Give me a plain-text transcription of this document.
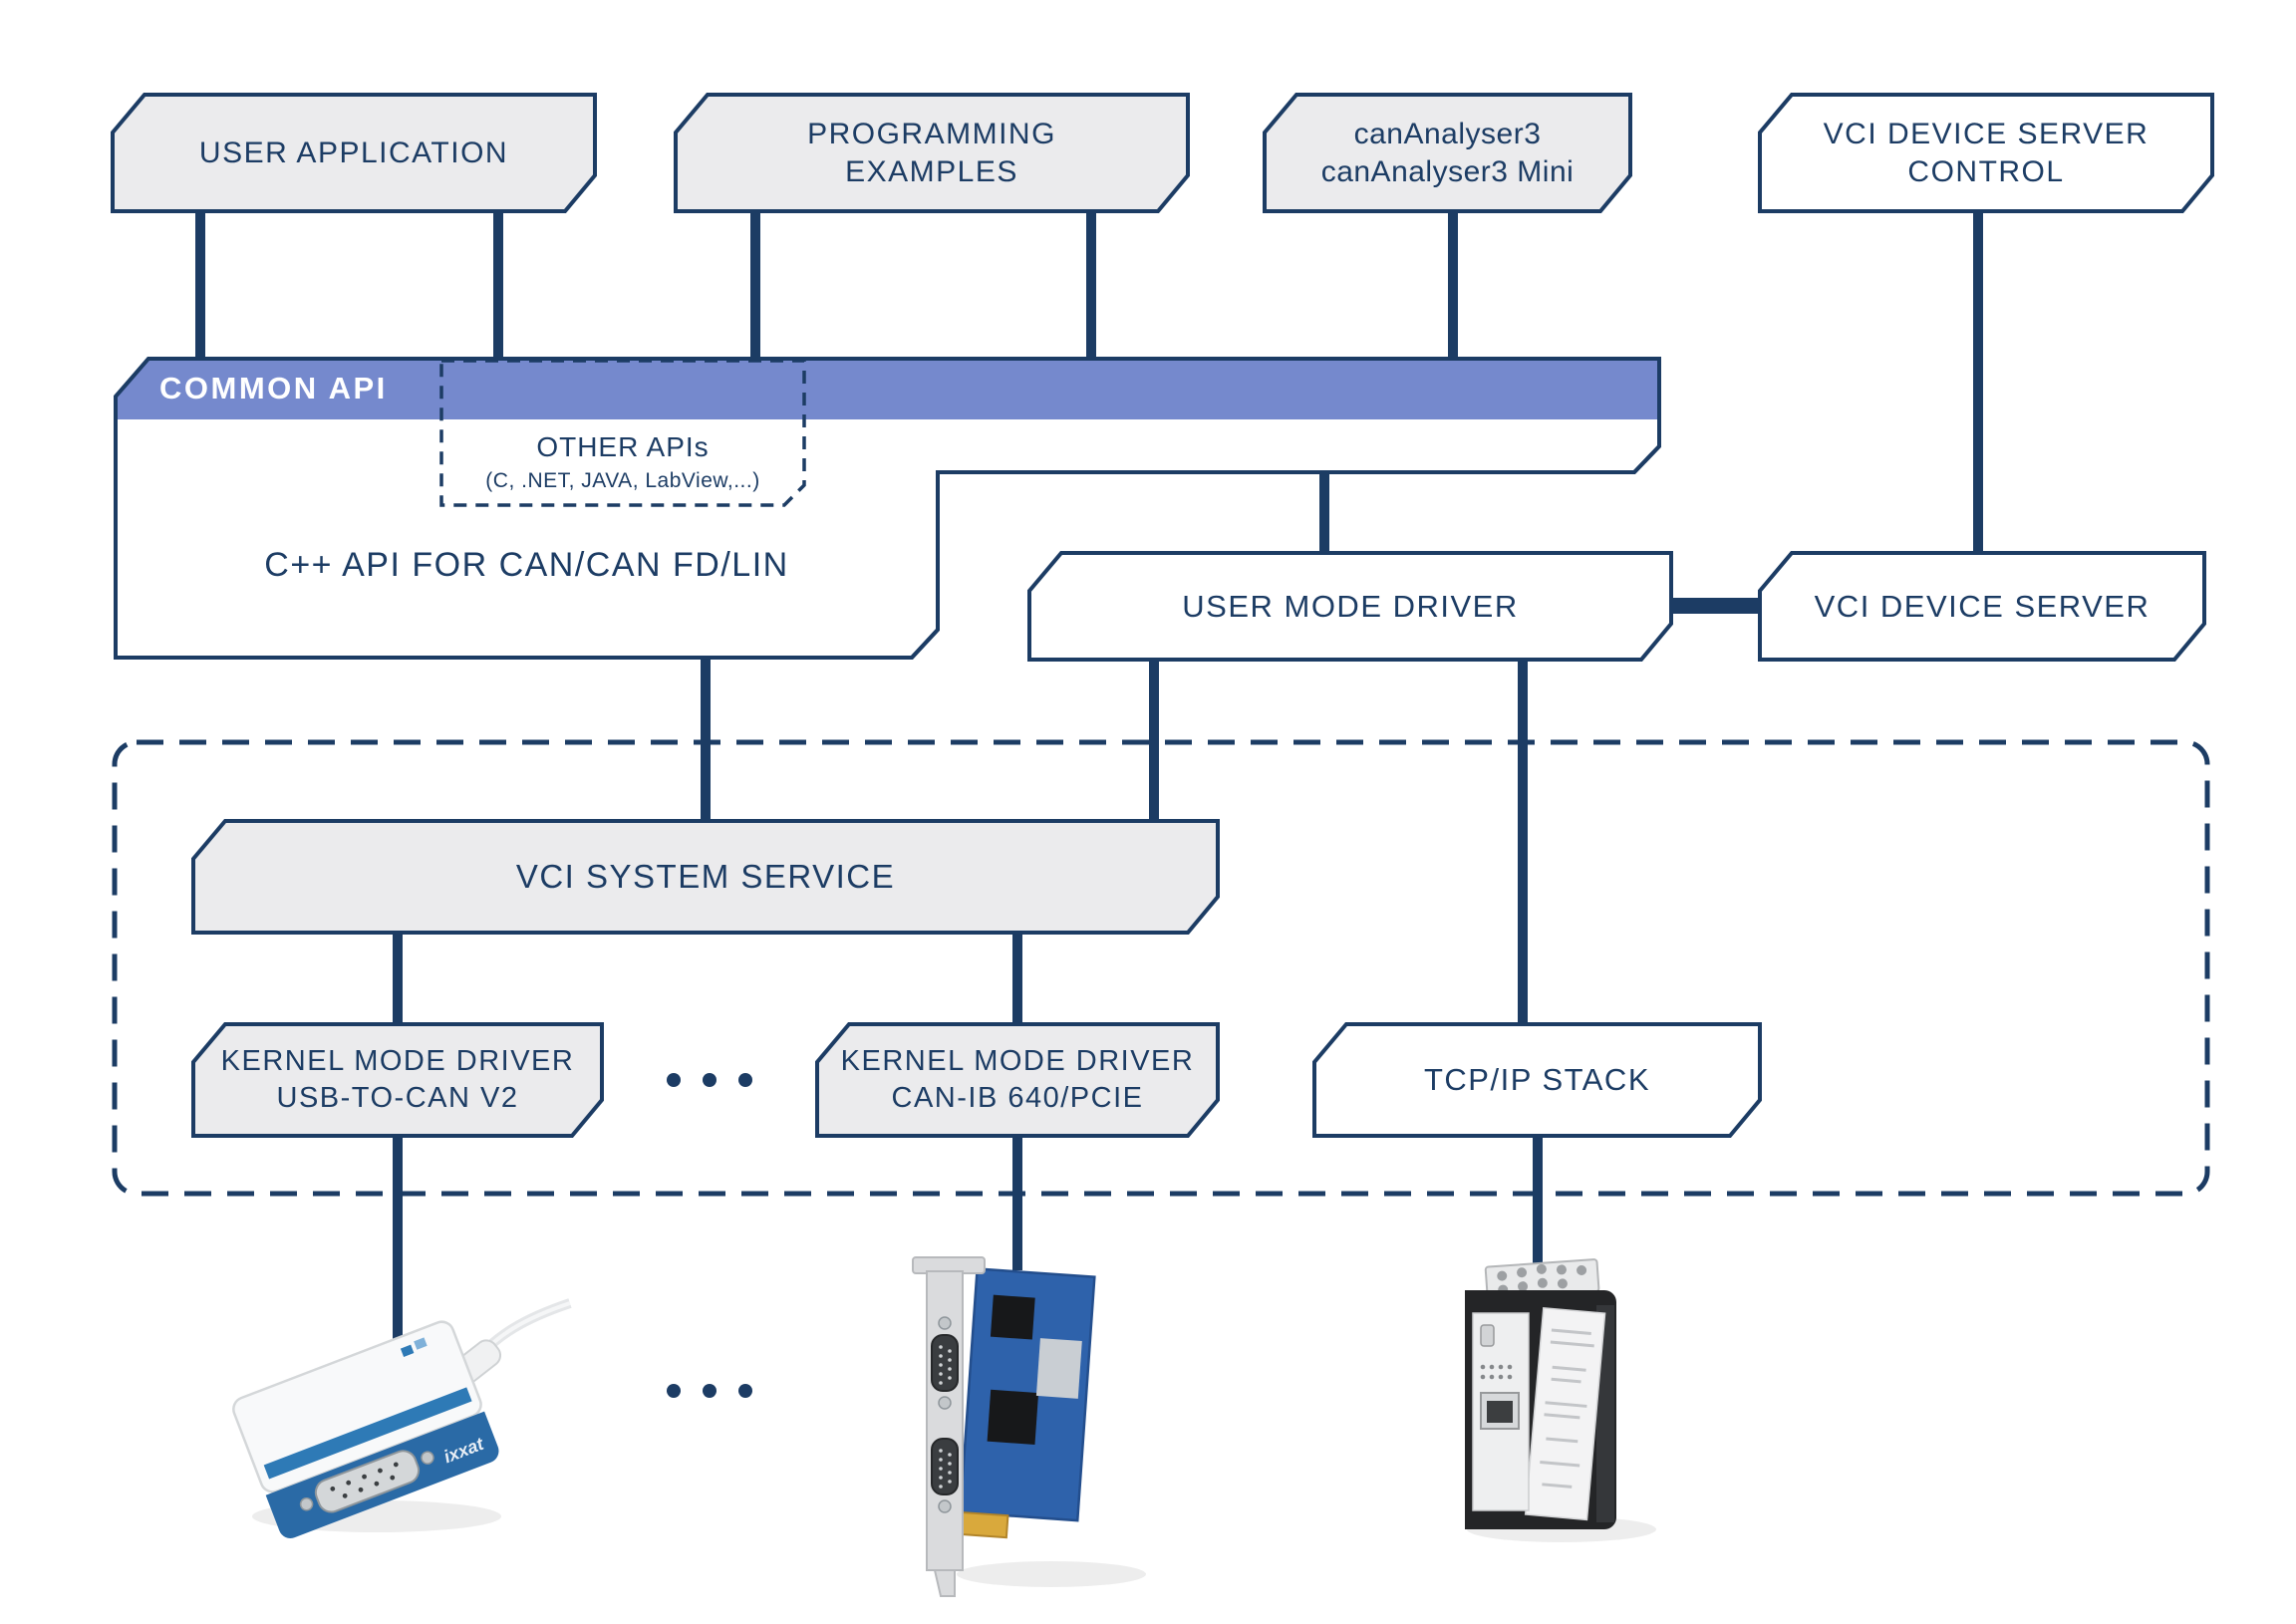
ixxat
USER APPLICATION
PROGRAMMING
EXAMPLES
canAnalyser3
canAnalyser3 Mini
VCI DEVICE SERVER
CONTROL
COMMON API
OTHER APIs
(C, .NET, JAVA, LabView,...)
C++ API FOR CAN/CAN FD/LIN
USER MODE DRIVER	VCI DEVICE SERVER
VCI SYSTEM SERVICE
KERNEL MODE DRIVER
USB-TO-CAN V2
KERNEL MODE DRIVER
CAN-IB 640/PCIE
TCP/IP STACK
